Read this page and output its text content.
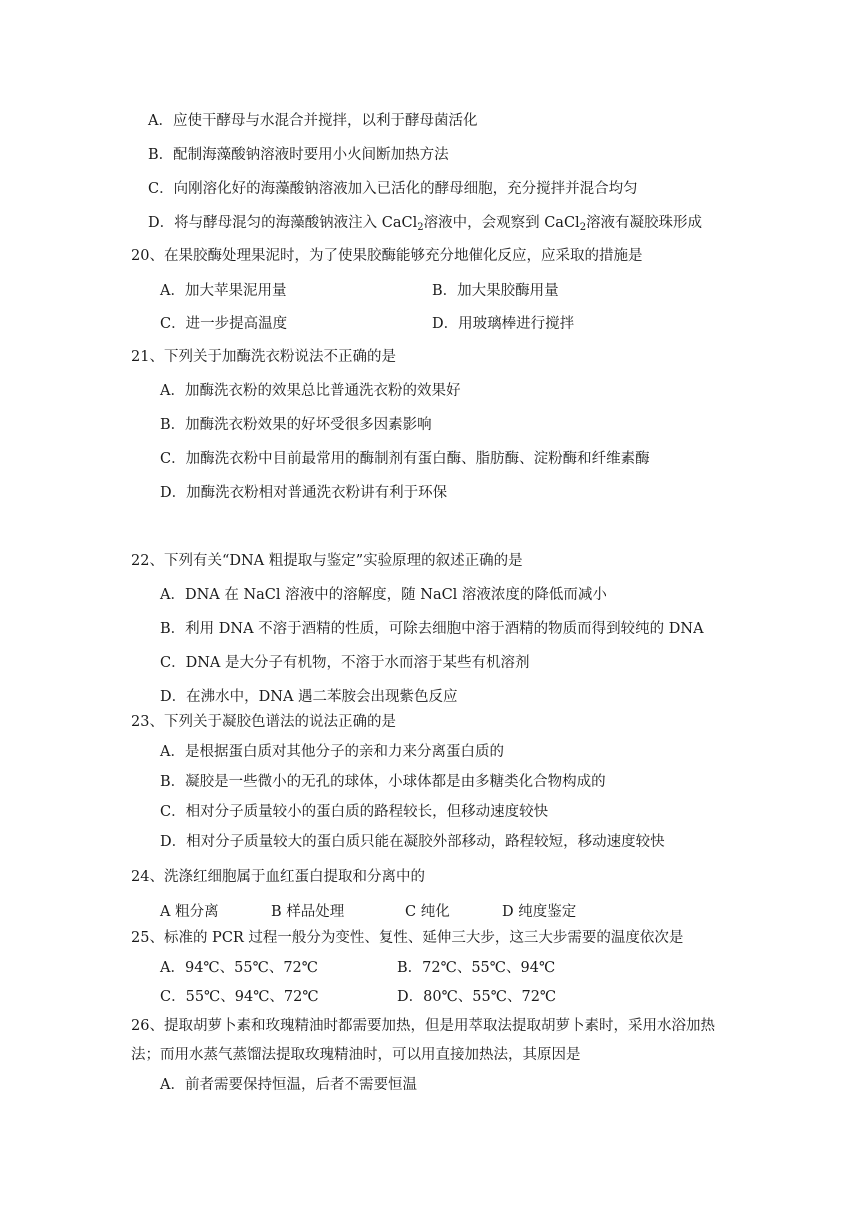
A．应使干酵母与水混合并搅拌，以利于酵母菌活化
B．配制海藻酸钠溶液时要用小火间断加热方法
C．向刚溶化好的海藻酸钠溶液加入已活化的酵母细胞，充分搅拌并混合均匀
D．将与酵母混匀的海藻酸钠液注入 CaCl$_2$溶液中，会观察到 CaCl$_2$溶液有凝胶珠形成
20、在果胶酶处理果泥时，为了使果胶酶能够充分地催化反应，应采取的措施是
A．加大苹果泥用量	B．加大果胶酶用量
C．进一步提高温度	D．用玻璃棒进行搅拌
21、下列关于加酶洗衣粉说法不正确的是
A．加酶洗衣粉的效果总比普通洗衣粉的效果好
B．加酶洗衣粉效果的好坏受很多因素影响
C．加酶洗衣粉中目前最常用的酶制剂有蛋白酶、脂肪酶、淀粉酶和纤维素酶
D．加酶洗衣粉相对普通洗衣粉讲有利于环保
22、下列有关“DNA 粗提取与鉴定”实验原理的叙述正确的是
A．DNA 在 NaCl 溶液中的溶解度，随 NaCl 溶液浓度的降低而减小
B．利用 DNA 不溶于酒精的性质，可除去细胞中溶于酒精的物质而得到较纯的 DNA
C．DNA 是大分子有机物，不溶于水而溶于某些有机溶剂
D．在沸水中，DNA 遇二苯胺会出现紫色反应
23、下列关于凝胶色谱法的说法正确的是
A．是根据蛋白质对其他分子的亲和力来分离蛋白质的
B．凝胶是一些微小的无孔的球体，小球体都是由多糖类化合物构成的
C．相对分子质量较小的蛋白质的路程较长，但移动速度较快
D．相对分子质量较大的蛋白质只能在凝胶外部移动，路程较短，移动速度较快
24、洗涤红细胞属于血红蛋白提取和分离中的
A 粗分离	B 样品处理	C 纯化	D 纯度鉴定
25、标准的 PCR 过程一般分为变性、复性、延伸三大步，这三大步需要的温度依次是
A．94℃、55℃、72℃	B．72℃、55℃、94℃
C．55℃、94℃、72℃	D．80℃、55℃、72℃
26、提取胡萝卜素和玫瑰精油时都需要加热，但是用萃取法提取胡萝卜素时，采用水浴加热
法；而用水蒸气蒸馏法提取玫瑰精油时，可以用直接加热法，其原因是
A．前者需要保持恒温，后者不需要恒温
